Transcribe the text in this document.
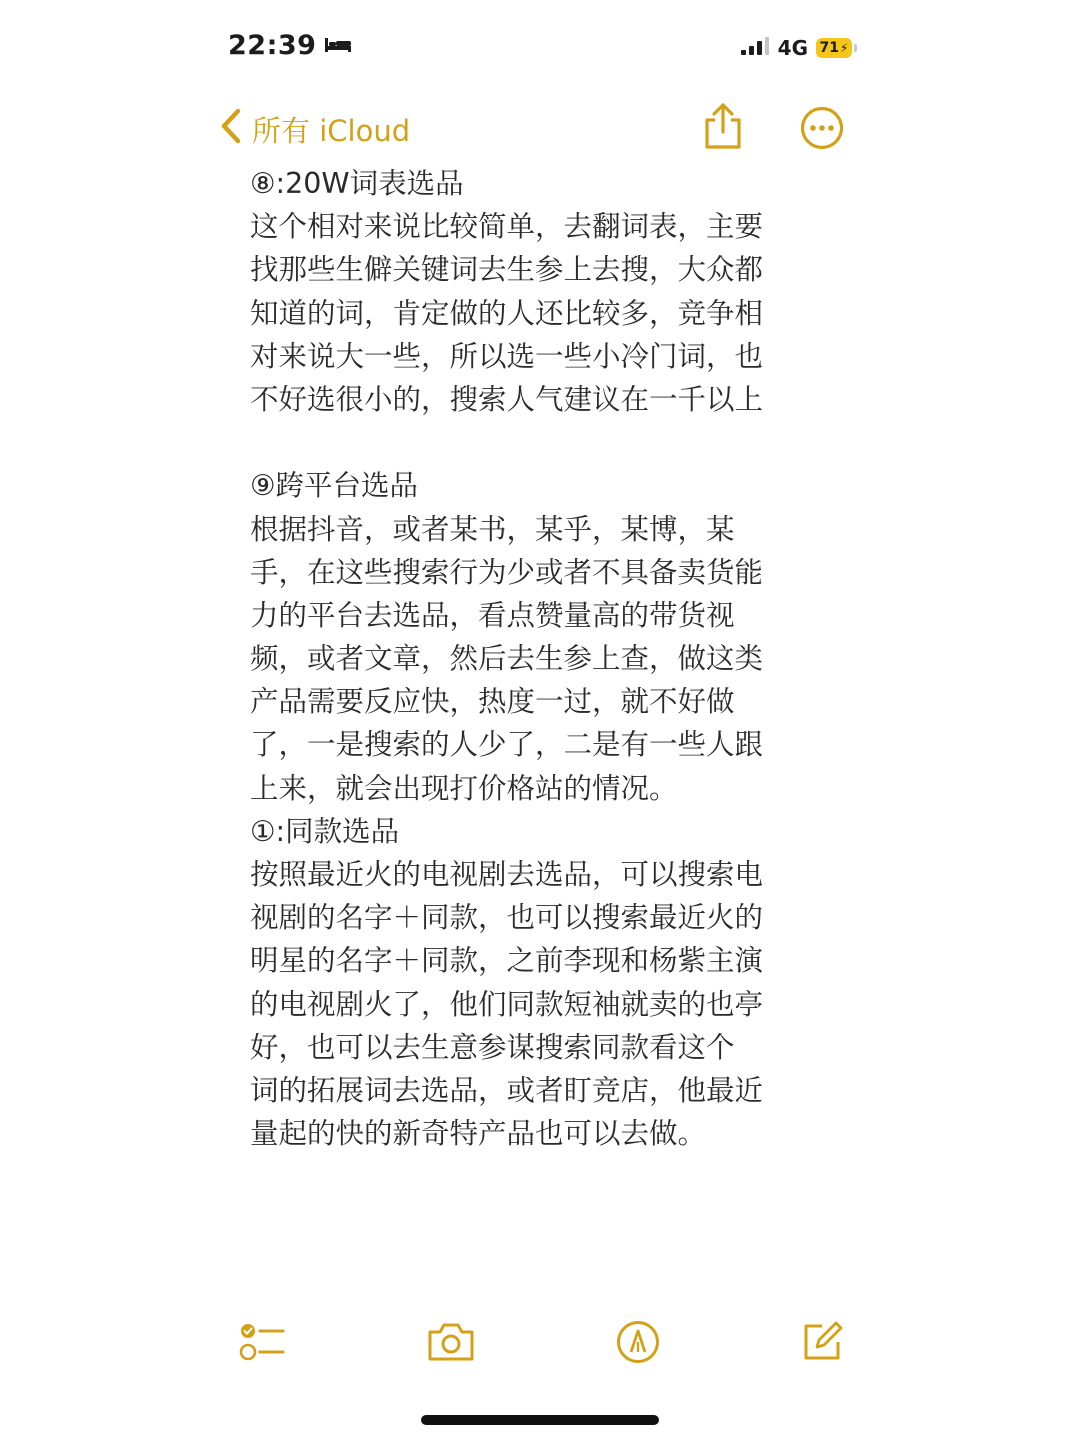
22:39	4G 71 ⚡
所有 iCloud
⑧:20W词表选品
这个相对来说比较简单，去翻词表，主要
找那些生僻关键词去生参上去搜，大众都
知道的词，肯定做的人还比较多，竞争相
对来说大一些，所以选一些小冷门词，也
不好选很小的，搜索人气建议在一千以上
⑨跨平台选品
根据抖音，或者某书，某乎，某博，某
手，在这些搜索行为少或者不具备卖货能
力的平台去选品，看点赞量高的带货视
频，或者文章，然后去生参上查，做这类
产品需要反应快，热度一过，就不好做
了，一是搜索的人少了，二是有一些人跟
上来，就会出现打价格站的情况。
①:同款选品
按照最近火的电视剧去选品，可以搜索电
视剧的名字＋同款，也可以搜索最近火的
明星的名字＋同款，之前李现和杨紫主演
的电视剧火了，他们同款短袖就卖的也亭
好，也可以去生意参谋搜索同款看这个
词的拓展词去选品，或者盯竞店，他最近
量起的快的新奇特产品也可以去做。
